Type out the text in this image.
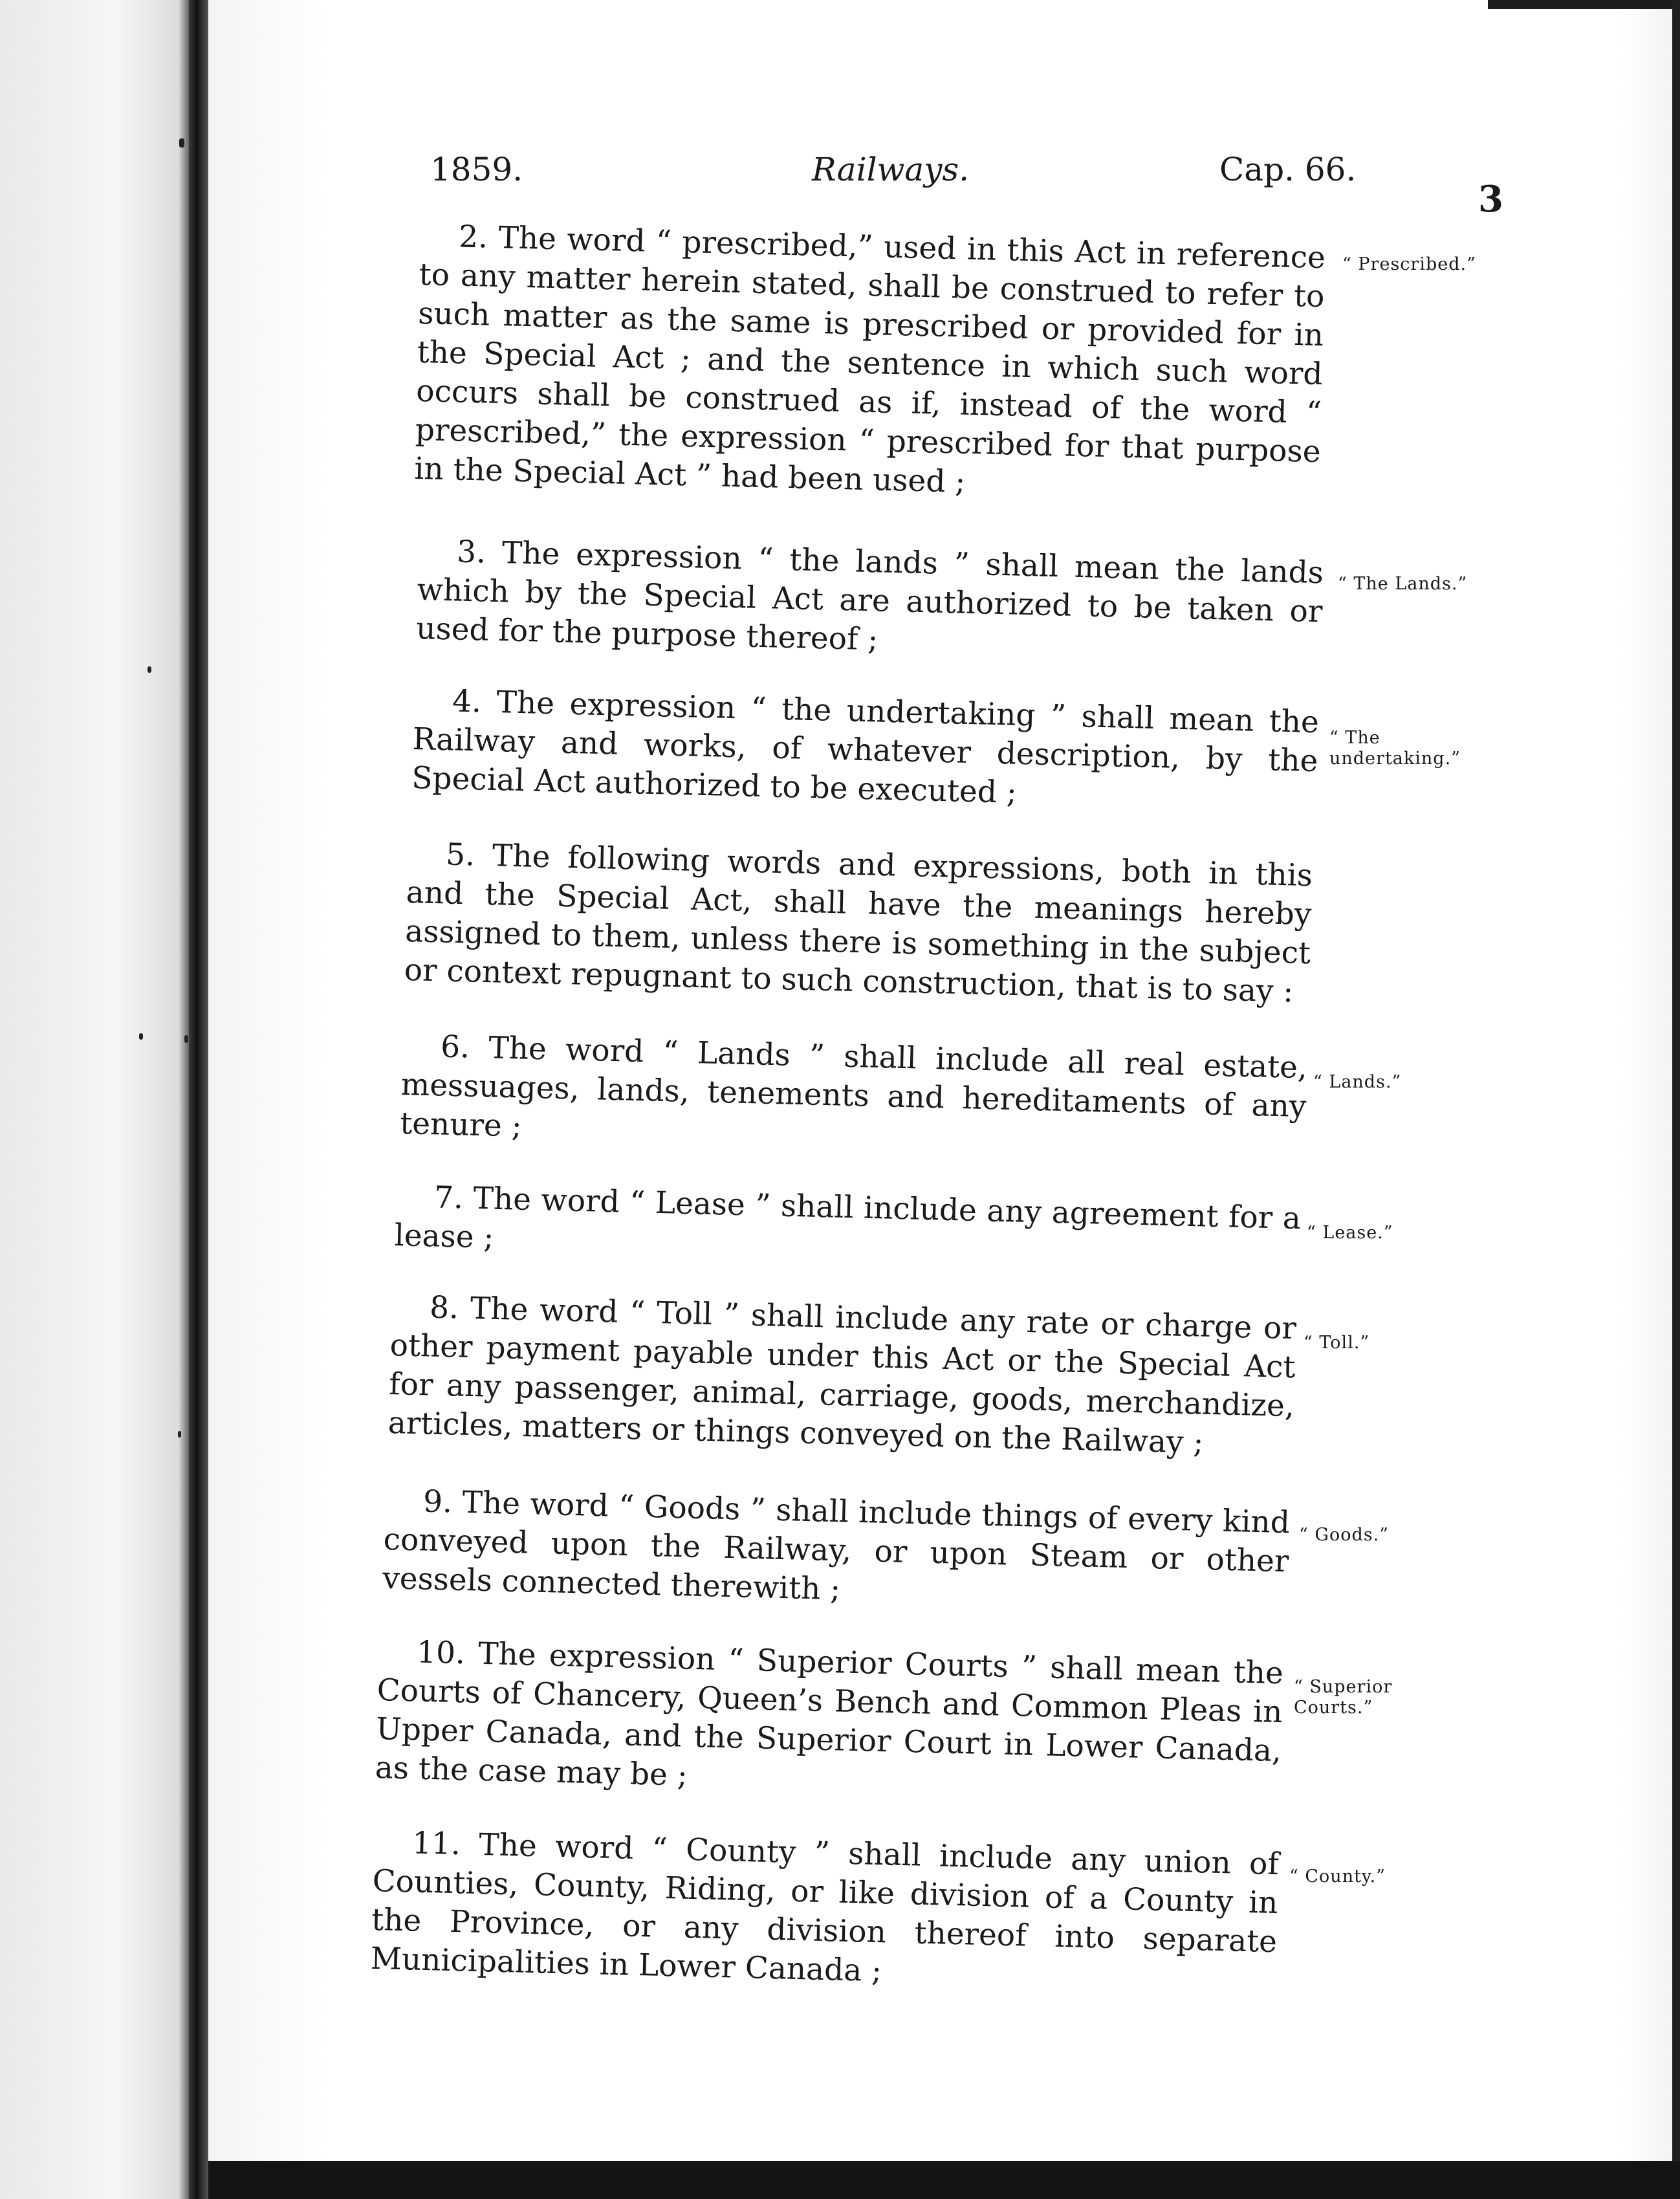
1859.	Railways.	Cap. 66.
3

2. The word “ prescribed,” used in this Act in reference to any matter herein stated, shall be construed to refer to such matter as the same is prescribed or provided for in the Special Act ; and the sentence in which such word occurs shall be construed as if, instead of the word “ prescribed,” the expression “ prescribed for that purpose in the Special Act ” had been used ;

“ Prescribed.”

3. The expression “ the lands ” shall mean the lands which by the Special Act are authorized to be taken or used for the purpose thereof ;

“ The Lands.”

4. The expression “ the undertaking ” shall mean the Railway and works, of whatever description, by the Special Act authorized to be executed ;

“ The undertaking.”

5. The following words and expressions, both in this and the Special Act, shall have the meanings hereby assigned to them, unless there is something in the subject or context repugnant to such construction, that is to say :

6. The word “ Lands ” shall include all real estate, messuages, lands, tenements and hereditaments of any tenure ;

“ Lands.”

7. The word “ Lease ” shall include any agreement for a lease ;	“ Lease.”

8. The word “ Toll ” shall include any rate or charge or other payment payable under this Act or the Special Act for any passenger, animal, carriage, goods, merchandize, articles, matters or things conveyed on the Railway ;

“ Toll.”

9. The word “ Goods ” shall include things of every kind conveyed upon the Railway, or upon Steam or other vessels connected therewith ;

“ Goods.”

10. The expression “ Superior Courts ” shall mean the Courts of Chancery, Queen’s Bench and Common Pleas in Upper Canada, and the Superior Court in Lower Canada, as the case may be ;

“ Superior Courts.”

11. The word “ County ” shall include any union of Counties, County, Riding, or like division of a County in the Province, or any division thereof into separate Municipalities in Lower Canada ;

“ County.”
